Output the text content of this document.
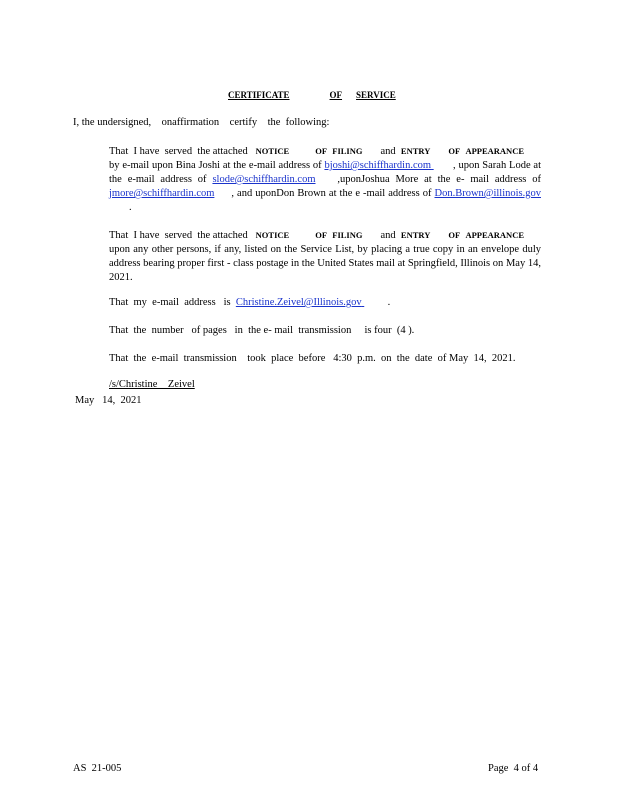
CERTIFICATE	OF SERVICE
I, the undersigned,    onaffirmation    certify    the  following:
That  I have  served  the attached NOTICE	OF FILING and ENTRY OF APPEARANCE
by e-mail upon Bina Joshi at the e-mail address of bjoshi@schiffhardin.com , upon Sarah Lode at the e-mail address of slode@schiffhardin.com ,uponJoshua More at the e- mail address of jmore@schiffhardin.com , and uponDon Brown at the e -mail address of Don.Brown@illinois.gov.
That  I have  served  the attached NOTICE	OF FILING and ENTRY OF APPEARANCE
upon any other persons, if any, listed on the Service List, by placing a true copy in an envelope duly address bearing proper first - class postage in the United States mail at Springfield, Illinois on May 14, 2021.
That  my  e-mail  address   is Christine.Zeivel@Illinois.gov .
That  the  number   of pages   in  the e- mail  transmission     is four  (4 ).
That  the  e-mail  transmission    took  place  before   4:30  p.m.  on  the  date  of May  14,  2021.
/s/Christine    Zeivel
May   14,  2021
AS  21-005	Page  4 of 4
